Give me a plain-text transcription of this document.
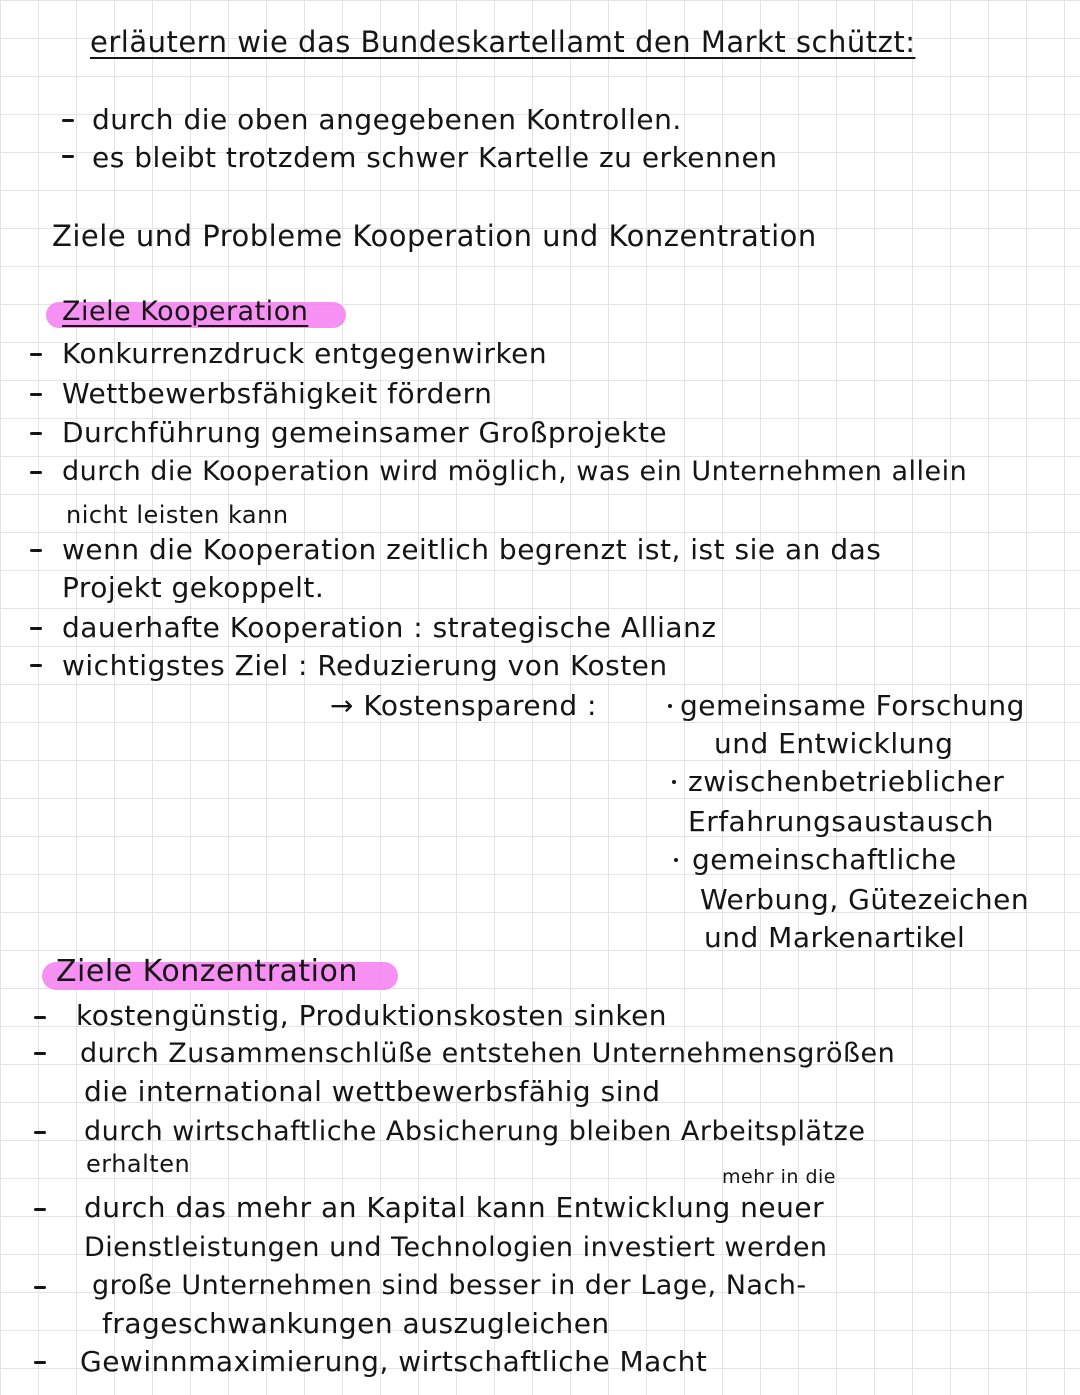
erläutern wie das Bundeskartellamt den Markt schützt:
durch die oben angegebenen Kontrollen.
es bleibt trotzdem schwer Kartelle zu erkennen
Ziele und Probleme Kooperation und Konzentration
Ziele Kooperation
Konkurrenzdruck entgegenwirken
Wettbewerbsfähigkeit fördern
Durchführung gemeinsamer Großprojekte
durch die Kooperation wird möglich, was ein Unternehmen allein
nicht leisten kann
wenn die Kooperation zeitlich begrenzt ist, ist sie an das
Projekt gekoppelt.
dauerhafte Kooperation : strategische Allianz
wichtigstes Ziel : Reduzierung von Kosten
→ Kostensparend :	gemeinsame Forschung
und Entwicklung
zwischenbetrieblicher
Erfahrungsaustausch
gemeinschaftliche
Werbung, Gütezeichen
und Markenartikel
Ziele Konzentration
kostengünstig, Produktionskosten sinken
durch Zusammenschlüße entstehen Unternehmensgrößen
die international wettbewerbsfähig sind
durch wirtschaftliche Absicherung bleiben Arbeitsplätze
erhalten	mehr in die
durch das mehr an Kapital kann Entwicklung neuer
Dienstleistungen und Technologien investiert werden
große Unternehmen sind besser in der Lage, Nach-
frageschwankungen auszugleichen
Gewinnmaximierung, wirtschaftliche Macht
